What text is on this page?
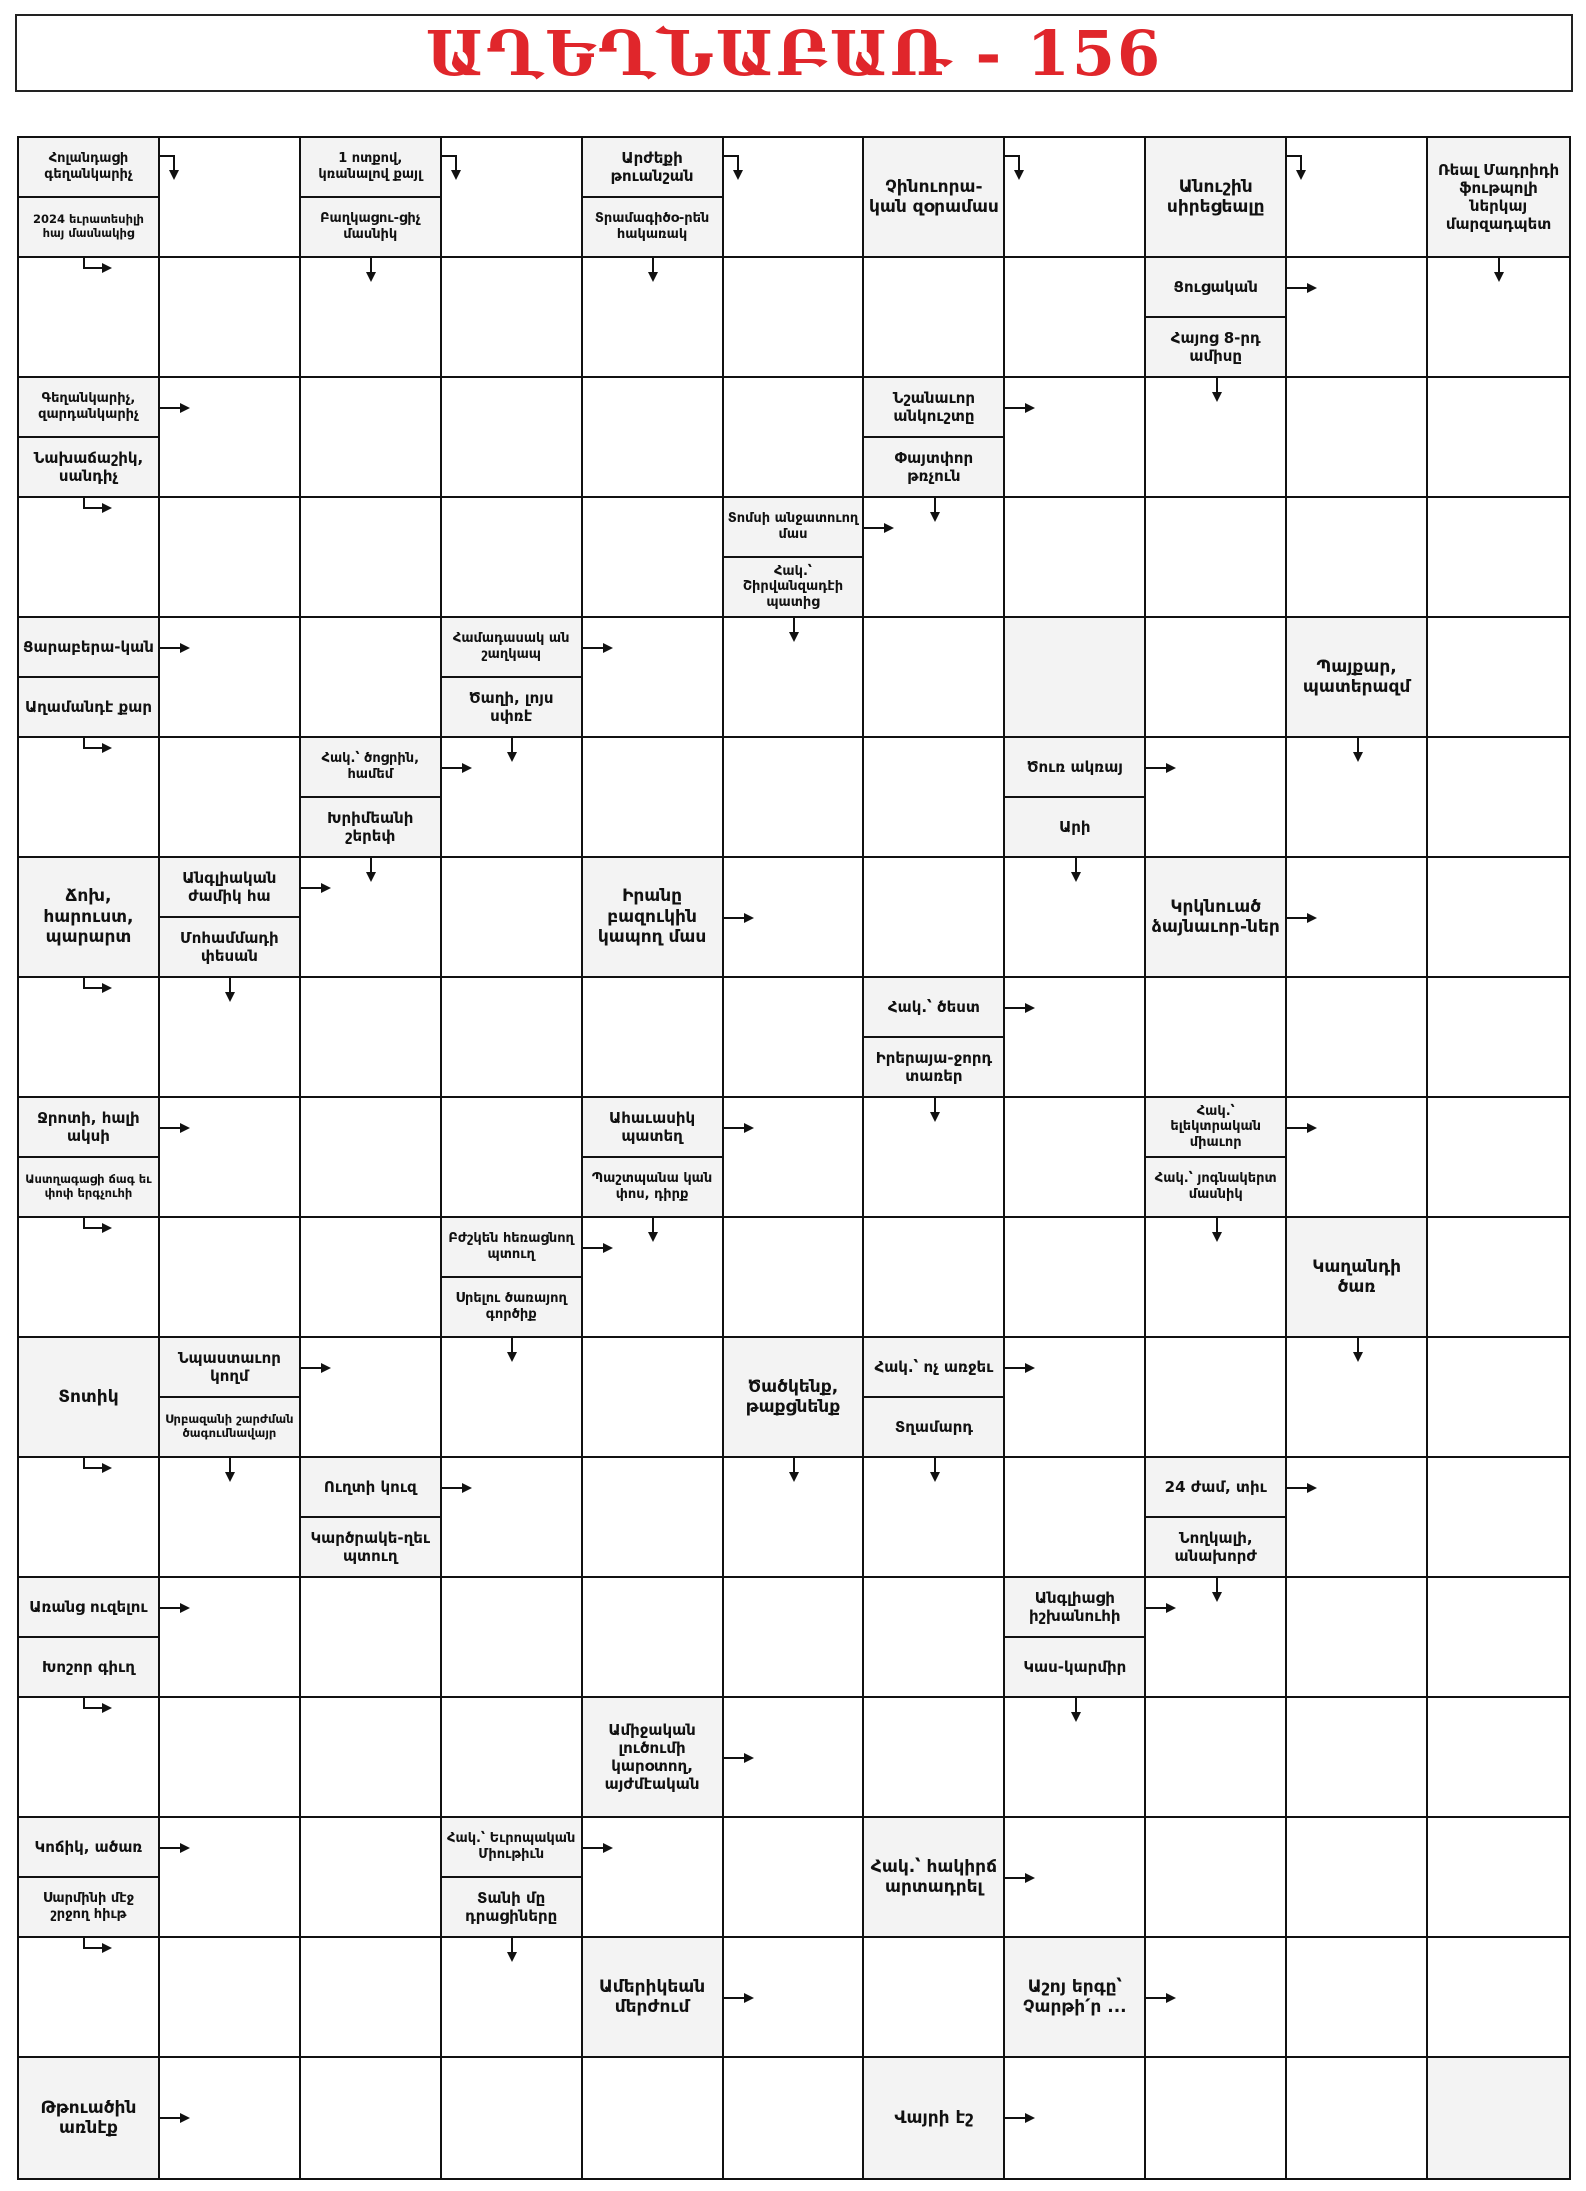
ԱՂԵՂՆԱԲԱՌ - 156
Հոլանդացի գեղանկարիչ
2024 եւրատեսիլի հայ մասնակից
1 ոտքով, կռանալով քայլ
Բաղկացու-ցիչ մասնիկ
Արժեքի թուանշան
Տրամագիծօ-րեն հակառակ
Չինուորա-կան զօրամաս
Անուշին սիրեցեալը
Ռեալ Մադրիդի ֆութպոլի ներկայ մարզադպետ
Ցուցական
Հայոց 8-րդ ամիսը
Գեղանկարիչ, զարդանկարիչ
Նախաճաշիկ, սանդիչ
Նշանաւոր անկուշտը
Փայտփոր թռչուն
Տոմսի անջատուող մաս
Հակ.՝ Շիրվանզադէի պատից
Ցարաբերա-կան
Աղամանդէ քար
Համադասակ ան շաղկապ
Ծաղի, լոյս սփռէ
Պայքար, պատերազմ
Հակ.՝ ծոցրին, համեմ
Խրիմեանի շերեփ
Ծուռ ակռայ
Արի
Ճոխ, հարուստ, պարարտ
Անգլիական ժամիկ հա
Մոհամմադի փեսան
Իրանը բազուկին կապող մաս
Կրկնուած ձայնաւոր-ներ
Հակ.՝ ծեստ
Իրերայա-ջորդ տառեր
Ջրոտի, հալի ակսի
Աստղագացի ճագ եւ փոփ երգչուհի
Ահաւասիկ պատեղ
Պաշտպանա կան փոս, դիրք
Հակ.՝ ելեկտրական միաւոր
Հակ.՝ յոգնակերտ մասնիկ
Բժշկեն հեռացնող պտուղ
Սրելու ծառայող գործիք
Կաղանդի ծառ
Տոտիկ
Նպաստաւոր կողմ
Սրբազանի շարժման ծագումնավայր
Ծածկենք, թաքցնենք
Հակ.՝ ոչ առջեւ
Տղամարդ
Ուղտի կուզ
Կարծրակե-ղեւ պտուղ
24 ժամ, տիւ
Նողկալի, անախորժ
Առանց ուզելու
Խոշոր գիւղ
Անգլիացի իշխանուհի
Կաս-կարմիր
Ամիջական լուծումի կարօտող, այժմէական
Կոճիկ, ածառ
Սարմինի մէջ շրջող հիւթ
Հակ.՝ Եւրոպական Միութիւն
Տանի մը դրացիները
Հակ.՝ հակիրճ արտադրել
Ամերիկեան մերժում
Աշոյ երգը՝ Չարթի՛ր ...
Թթուածին առնէք
Վայրի էշ
